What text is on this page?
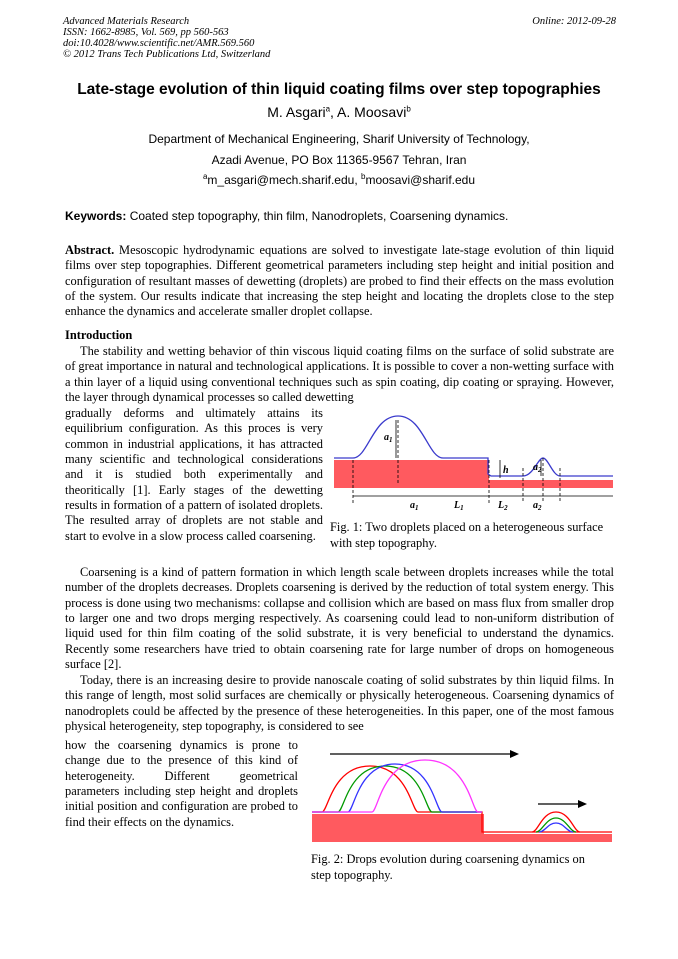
Advanced Materials Research
ISSN: 1662-8985, Vol. 569, pp 560-563
doi:10.4028/www.scientific.net/AMR.569.560
© 2012 Trans Tech Publications Ltd, Switzerland
Online: 2012-09-28
Late-stage evolution of thin liquid coating films over step topographies
M. Asgari$^a$, A. Moosavi$^b$
Department of Mechanical Engineering, Sharif University of Technology,
Azadi Avenue, PO Box 11365-9567 Tehran, Iran
$^a$m_asgari@mech.sharif.edu, $^b$moosavi@sharif.edu
Keywords: Coated step topography, thin film, Nanodroplets, Coarsening dynamics.
Abstract. Mesoscopic hydrodynamic equations are solved to investigate late-stage evolution of thin liquid films over step topographies. Different geometrical parameters including step height and initial position and configuration of resultant masses of dewetting (droplets) are probed to find their effects on the mass evolution of the system. Our results indicate that increasing the step height and locating the droplets close to the step enhance the dynamics and accelerate smaller droplet collapse.
Introduction
The stability and wetting behavior of thin viscous liquid coating films on the surface of solid substrate are of great importance in natural and technological applications. It is possible to cover a non-wetting surface with a thin layer of a liquid using conventional techniques such as spin coating, dip coating or spraying. However, the layer through dynamical processes so called dewetting
gradually deforms and ultimately attains its equilibrium configuration. As this proces is very common in industrial applications, it has attracted many scientific and technological considerations and it is studied both experimentally and theoritically [1]. Early stages of the dewetting results in formation of a pattern of isolated droplets. The resulted array of droplets are not stable and start to evolve in a slow process called coarsening.
Coarsening is a kind of pattern formation in which length scale between droplets increases while the total number of the droplets decreases. Droplets coarsening is derived by the reduction of total system energy. This process is done using two mechanisms: collapse and collision which are based on mass flux from smaller drop to larger one and two drops merging respectively. As coarsening could lead to non-uniform distribution of liquid used for thin film coating of the solid substrate, it is very beneficial to understand the dynamics. Recently some researchers have tried to obtain coarsening rate for large number of drops on homogeneous surface [2].
Today, there is an increasing desire to provide nanoscale coating of solid substrates by thin liquid films. In this range of length, most solid surfaces are chemically or physically heterogeneous. Coarsening dynamics of nanodroplets could be affected by the presence of these heterogeneities. In this paper, one of the most famous physical heterogeneity, step topography, is considered to see
how the coarsening dynamics is prone to change due to the presence of this kind of heterogeneity. Different geometrical parameters including step height and droplets initial position and configuration are probed to find their effects on the dynamics.
$a_1$
h $a_2$
$a_1$	$L_1$	$L_2$	$a_2$
Fig. 1: Two droplets placed on a heterogeneous surface with step topography.
Fig. 2: Drops evolution during coarsening dynamics on step topography.
